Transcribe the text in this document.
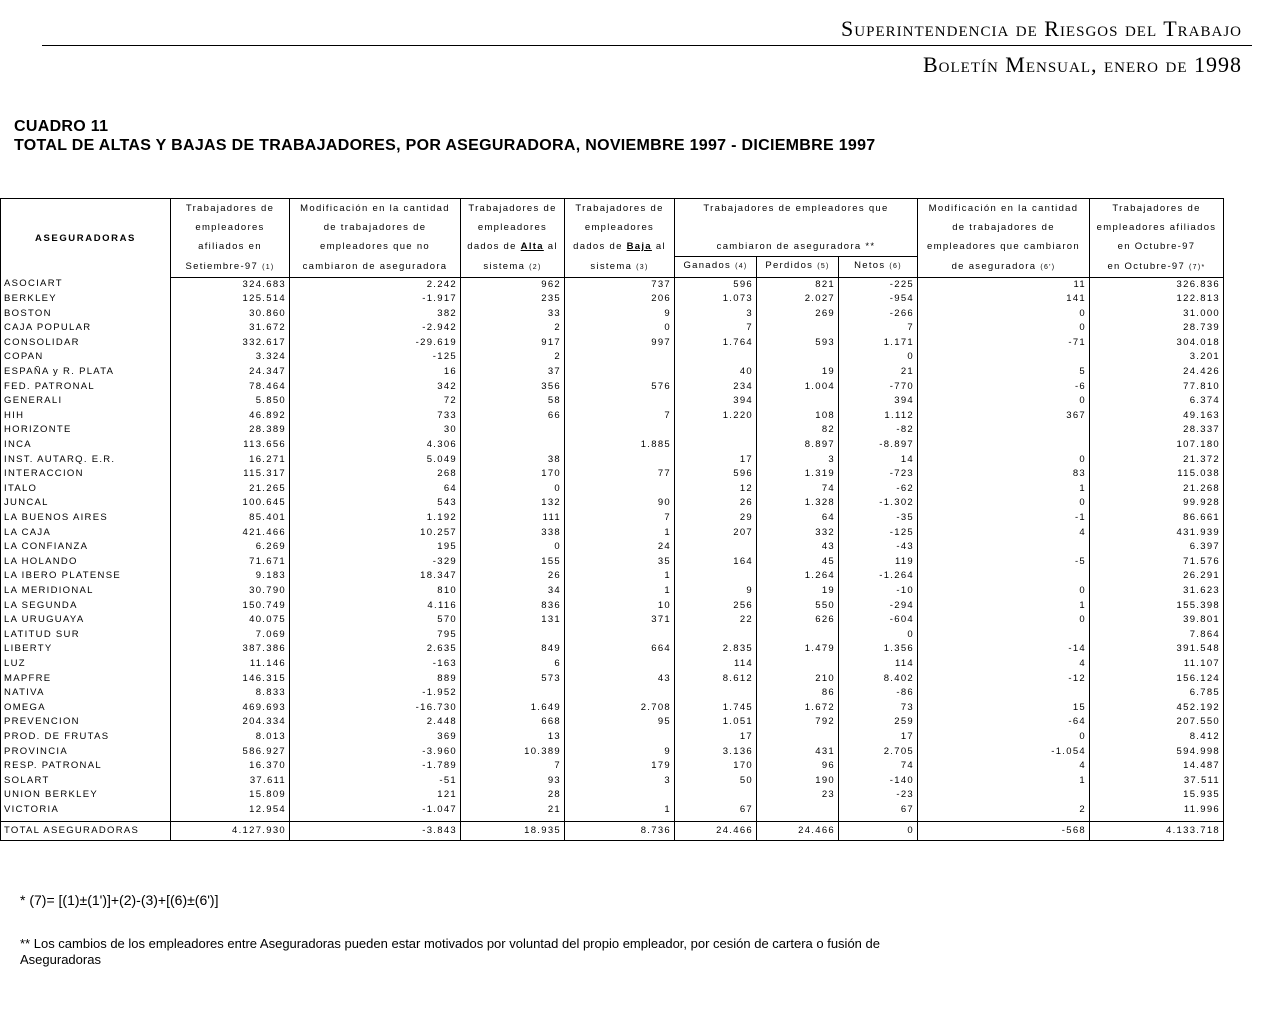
Superintendencia de Riesgos del Trabajo
Boletín Mensual, enero de 1998
CUADRO 11
TOTAL DE ALTAS Y BAJAS DE TRABAJADORES, POR ASEGURADORA, NOVIEMBRE 1997 - DICIEMBRE 1997
ASEGURADORAS	Trabajadores de	Modificación en la cantidad	Trabajadores de	Trabajadores de	Trabajadores de empleadores que			Modificación en la cantidad	Trabajadores de
	empleadores	de trabajadores de	empleadores	empleadores				de trabajadores de	empleadores afiliados
	afiliados en	empleadores que no	dados de Alta al	dados de Baja al	cambiaron de aseguradora **			empleadores que cambiaron	en Octubre-97
	Setiembre-97 (1)	cambiaron de aseguradora	sistema (2)	sistema (3)	Ganados (4)	Perdidos (5)	Netos (6)	de aseguradora (6')	en Octubre-97 (7)*
ASOCIART	324.683	2.242	962	737	596	821	-225	11	326.836
BERKLEY	125.514	-1.917	235	206	1.073	2.027	-954	141	122.813
BOSTON	30.860	382	33	9	3	269	-266	0	31.000
CAJA POPULAR	31.672	-2.942	2	0	7		7	0	28.739
CONSOLIDAR	332.617	-29.619	917	997	1.764	593	1.171	-71	304.018
COPAN	3.324	-125	2				0		3.201
ESPAÑA y R. PLATA	24.347	16	37		40	19	21	5	24.426
FED. PATRONAL	78.464	342	356	576	234	1.004	-770	-6	77.810
GENERALI	5.850	72	58		394		394	0	6.374
HIH	46.892	733	66	7	1.220	108	1.112	367	49.163
HORIZONTE	28.389	30				82	-82		28.337
INCA	113.656	4.306		1.885		8.897	-8.897		107.180
INST. AUTARQ. E.R.	16.271	5.049	38		17	3	14	0	21.372
INTERACCION	115.317	268	170	77	596	1.319	-723	83	115.038
ITALO	21.265	64	0		12	74	-62	1	21.268
JUNCAL	100.645	543	132	90	26	1.328	-1.302	0	99.928
LA BUENOS AIRES	85.401	1.192	111	7	29	64	-35	-1	86.661
LA CAJA	421.466	10.257	338	1	207	332	-125	4	431.939
LA CONFIANZA	6.269	195	0	24		43	-43		6.397
LA HOLANDO	71.671	-329	155	35	164	45	119	-5	71.576
LA IBERO PLATENSE	9.183	18.347	26	1		1.264	-1.264		26.291
LA MERIDIONAL	30.790	810	34	1	9	19	-10	0	31.623
LA SEGUNDA	150.749	4.116	836	10	256	550	-294	1	155.398
LA URUGUAYA	40.075	570	131	371	22	626	-604	0	39.801
LATITUD SUR	7.069	795					0		7.864
LIBERTY	387.386	2.635	849	664	2.835	1.479	1.356	-14	391.548
LUZ	11.146	-163	6		114		114	4	11.107
MAPFRE	146.315	889	573	43	8.612	210	8.402	-12	156.124
NATIVA	8.833	-1.952				86	-86		6.785
OMEGA	469.693	-16.730	1.649	2.708	1.745	1.672	73	15	452.192
PREVENCION	204.334	2.448	668	95	1.051	792	259	-64	207.550
PROD. DE FRUTAS	8.013	369	13		17		17	0	8.412
PROVINCIA	586.927	-3.960	10.389	9	3.136	431	2.705	-1.054	594.998
RESP. PATRONAL	16.370	-1.789	7	179	170	96	74	4	14.487
SOLART	37.611	-51	93	3	50	190	-140	1	37.511
UNION BERKLEY	15.809	121	28			23	-23		15.935
VICTORIA	12.954	-1.047	21	1	67		67	2	11.996

TOTAL ASEGURADORAS	4.127.930	-3.843	18.935	8.736	24.466	24.466	0	-568	4.133.718
* (7)= [(1)±(1')]+(2)-(3)+[(6)±(6')]
** Los cambios de los empleadores entre Aseguradoras pueden estar motivados por voluntad del propio empleador, por cesión de cartera o fusión de Aseguradoras
